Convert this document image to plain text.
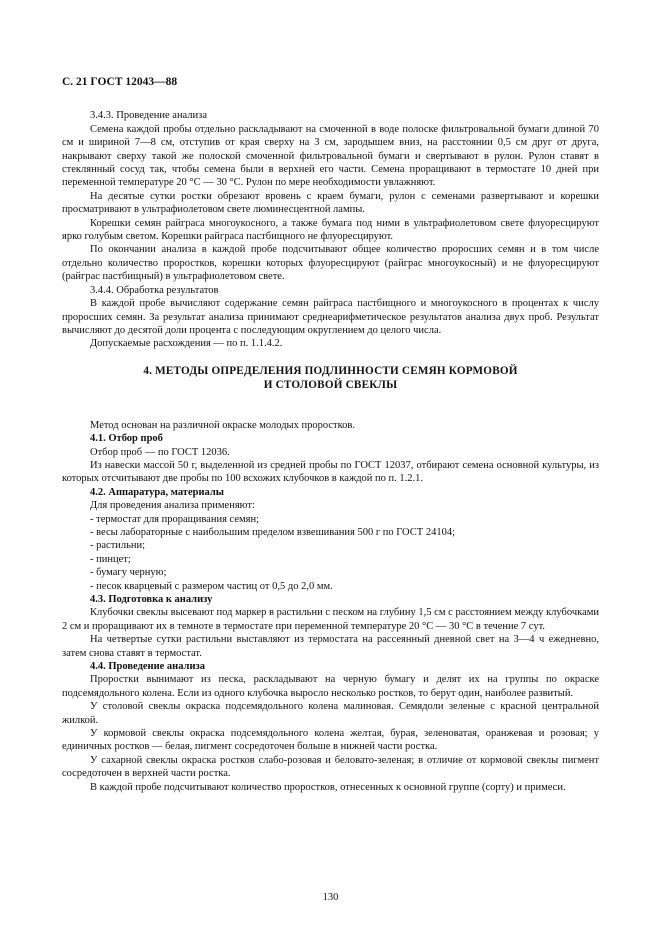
С. 21 ГОСТ 12043—88

3.4.3. Проведение анализа

Семена каждой пробы отдельно раскладывают на смоченной в воде полоске фильтровальной бумаги длиной 70 см и шириной 7—8 см, отступив от края сверху на 3 см, зародышем вниз, на расстоянии 0,5 см друг от друга, накрывают сверху такой же полоской смоченной фильтровальной бумаги и свертывают в рулон. Рулон ставят в стеклянный сосуд так, чтобы семена были в верхней его части. Семена проращивают в термостате 10 дней при переменной температуре 20 °С — 30 °С. Рулон по мере необходимости увлажняют.

На десятые сутки ростки обрезают вровень с краем бумаги, рулон с семенами развертывают и корешки просматривают в ультрафиолетовом свете люминесцентной лампы.

Корешки семян райграса многоукосного, а также бумага под ними в ультрафиолетовом свете флуоресцируют ярко голубым светом. Корешки райграса пастбищного не флуоресцируют.

По окончании анализа в каждой пробе подсчитывают общее количество проросших семян и в том числе отдельно количество проростков, корешки которых флуоресцируют (райграс многоукосный) и не флуоресцируют (райграс пастбищный) в ультрафиолетовом свете.

3.4.4. Обработка результатов

В каждой пробе вычисляют содержание семян райграса пастбищного и многоукосного в процентах к числу проросших семян. За результат анализа принимают среднеарифметическое результатов анализа двух проб. Результат вычисляют до десятой доли процента с последующим округлением до целого числа.

Допускаемые расхождения — по п. 1.1.4.2.

4. МЕТОДЫ ОПРЕДЕЛЕНИЯ ПОДЛИННОСТИ СЕМЯН КОРМОВОЙ
И СТОЛОВОЙ СВЕКЛЫ

Метод основан на различной окраске молодых проростков.

4.1. Отбор проб

Отбор проб — по ГОСТ 12036.

Из навески массой 50 г, выделенной из средней пробы по ГОСТ 12037, отбирают семена основной культуры, из которых отсчитывают две пробы по 100 всхожих клубочков в каждой по п. 1.2.1.

4.2. Аппаратура, материалы

Для проведения анализа применяют:

- термостат для проращивания семян;

- весы лабораторные с наибольшим пределом взвешивания 500 г по ГОСТ 24104;

- растильни;

- пинцет;

- бумагу черную;

- песок кварцевый с размером частиц от 0,5 до 2,0 мм.

4.3. Подготовка к анализу

Клубочки свеклы высевают под маркер в растильни с песком на глубину 1,5 см с расстоянием между клубочками 2 см и проращивают их в темноте в термостате при переменной температуре 20 °С — 30 °С в течение 7 сут.

На четвертые сутки растильни выставляют из термостата на рассеянный дневной свет на 3—4 ч ежедневно, затем снова ставят в термостат.

4.4. Проведение анализа

Проростки вынимают из песка, раскладывают на черную бумагу и делят их на группы по окраске подсемядольного колена. Если из одного клубочка выросло несколько ростков, то берут один, наиболее развитый.

У столовой свеклы окраска подсемядольного колена малиновая. Семядоли зеленые с красной центральной жилкой.

У кормовой свеклы окраска подсемядольного колена желтая, бурая, зеленоватая, оранжевая и розовая; у единичных ростков — белая, пигмент сосредоточен больше в нижней части ростка.

У сахарной свеклы окраска ростков слабо-розовая и беловато-зеленая; в отличие от кормовой свеклы пигмент сосредоточен в верхней части ростка.

В каждой пробе подсчитывают количество проростков, отнесенных к основной группе (сорту) и примеси.

130
